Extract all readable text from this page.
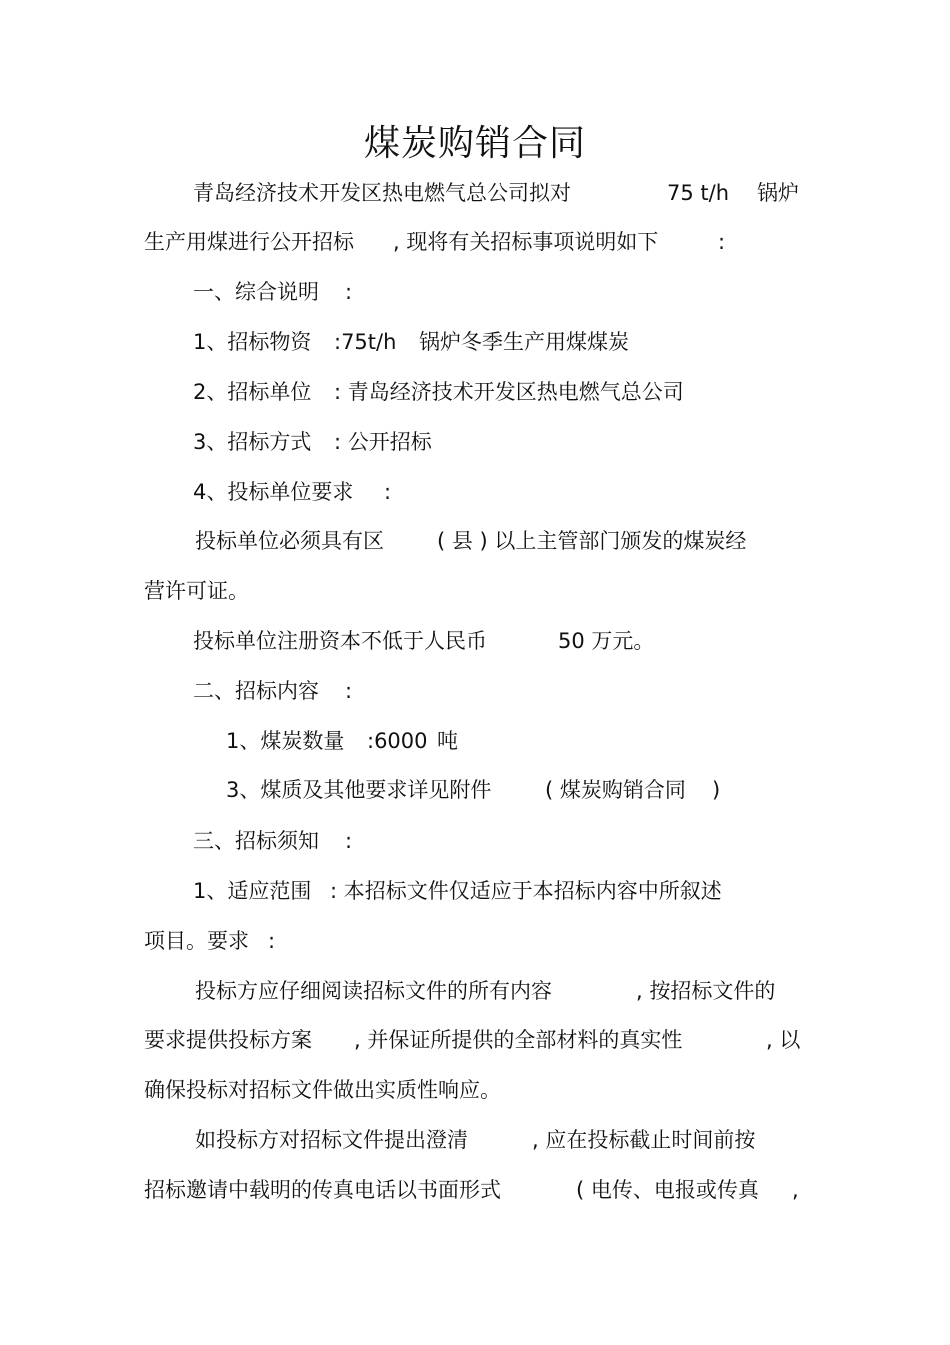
煤炭购销合同

青岛经济技术开发区热电燃气总公司拟对

	75 t/h

锅炉

生产用煤进行公开招标

, 现将有关招标事项说明如下

	:

一、综合说明

:

1、招标物资

:75t/h

锅炉冬季生产用煤煤炭

2、招标单位

: 青岛经济技术开发区热电燃气总公司

3、招标方式

: 公开招标

4、投标单位要求

:

投标单位必须具有区

	( 县 ) 以上主管部门颁发的煤炭经

营许可证。

投标单位注册资本不低于人民币

	50 万元。

二、招标内容

:

1、煤炭数量

:6000

吨

3、煤质及其他要求详见附件

	( 煤炭购销合同

)

三、招标须知

:

1、适应范围

: 本招标文件仅适应于本招标内容中所叙述

项目。要求

:

投标方应仔细阅读招标文件的所有内容

	, 按招标文件的

要求提供投标方案

, 并保证所提供的全部材料的真实性

	, 以

确保投标对招标文件做出实质性响应。

如投标方对招标文件提出澄清

	, 应在投标截止时间前按

招标邀请中载明的传真电话以书面形式

	( 电传、电报或传真

,
